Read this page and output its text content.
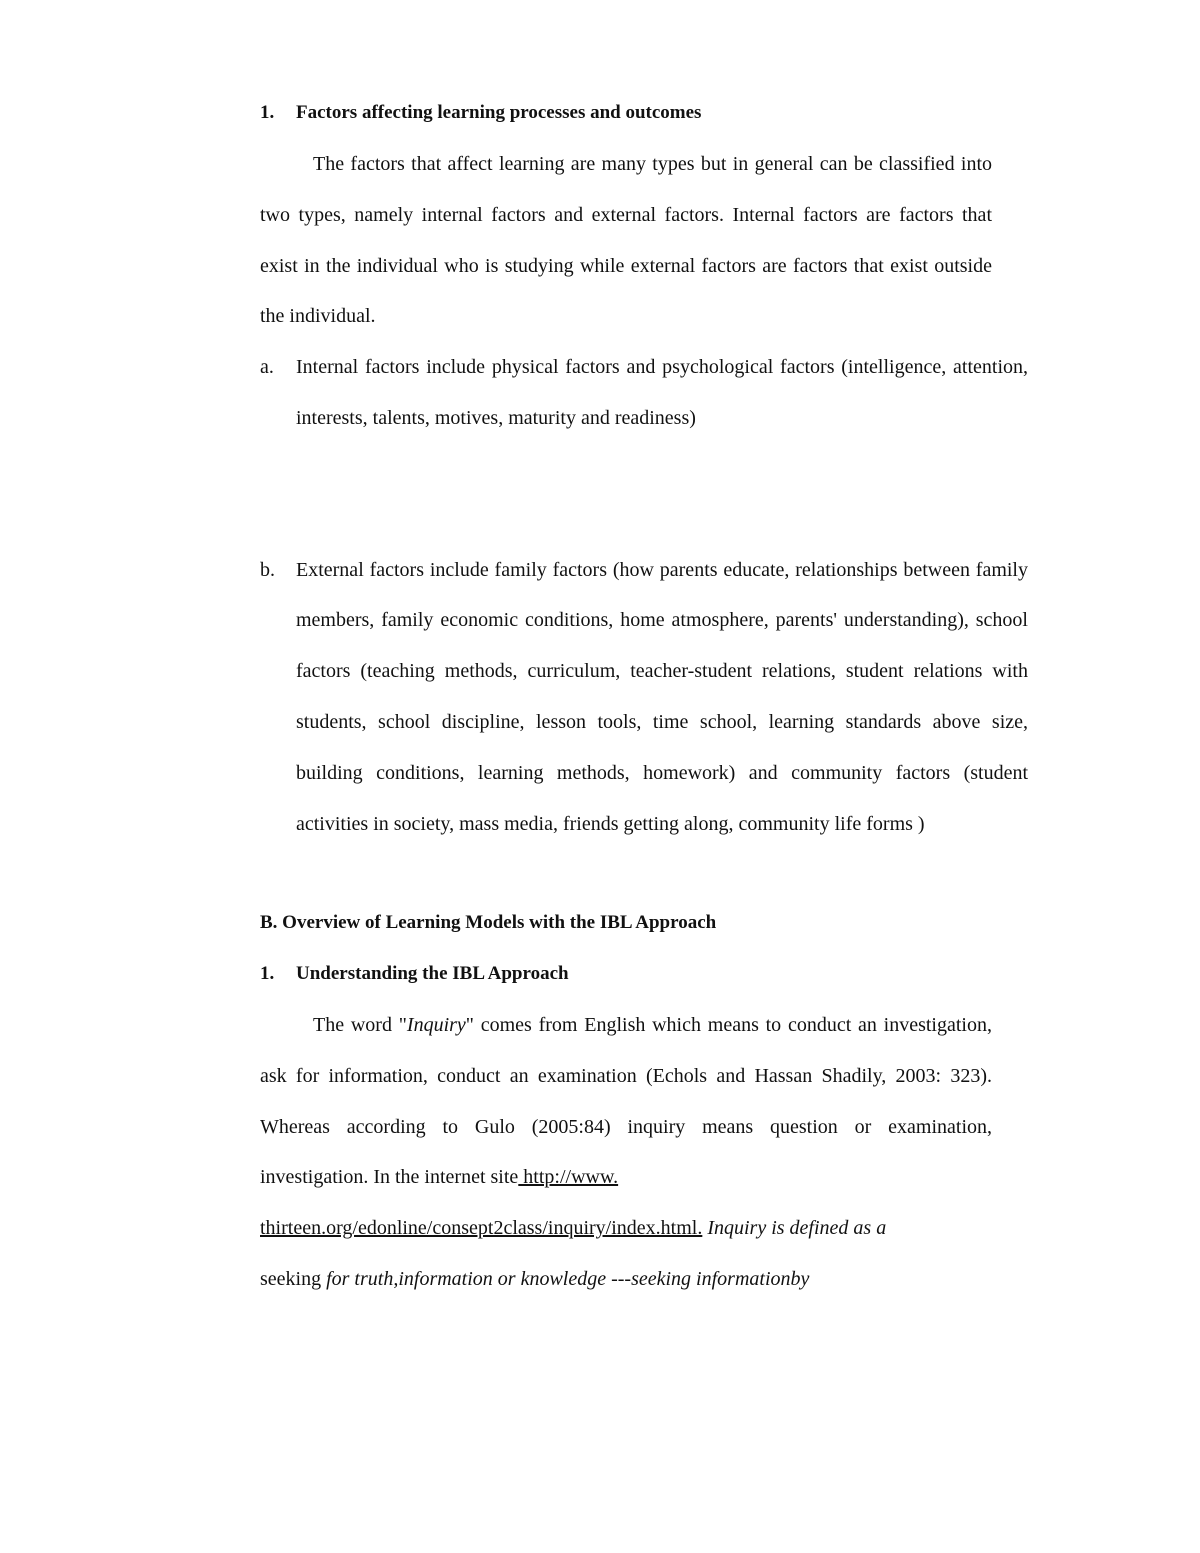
1. Factors affecting learning processes and outcomes

The factors that affect learning are many types but in general can be classified into two types, namely internal factors and external factors. Internal factors are factors that exist in the individual who is studying while external factors are factors that exist outside the individual.

a. Internal factors include physical factors and psychological factors (intelligence, attention, interests, talents, motives, maturity and readiness)
b. External factors include family factors (how parents educate, relationships between family members, family economic conditions, home atmosphere, parents' understanding), school factors (teaching methods, curriculum, teacher-student relations, student relations with students, school discipline, lesson tools, time school, learning standards above size, building conditions, learning methods, homework) and community factors (student activities in society, mass media, friends getting along, community life forms )
B. Overview of Learning Models with the IBL Approach
1. Understanding the IBL Approach

The word "Inquiry" comes from English which means to conduct an investigation, ask for information, conduct an examination (Echols and Hassan Shadily, 2003: 323). Whereas according to Gulo (2005:84) inquiry means question or examination, investigation. In the internet site http://www.
thirteen.org/edonline/consept2class/inquiry/index.html. Inquiry is defined as a
seeking for truth,information or knowledge ---seeking informationby
